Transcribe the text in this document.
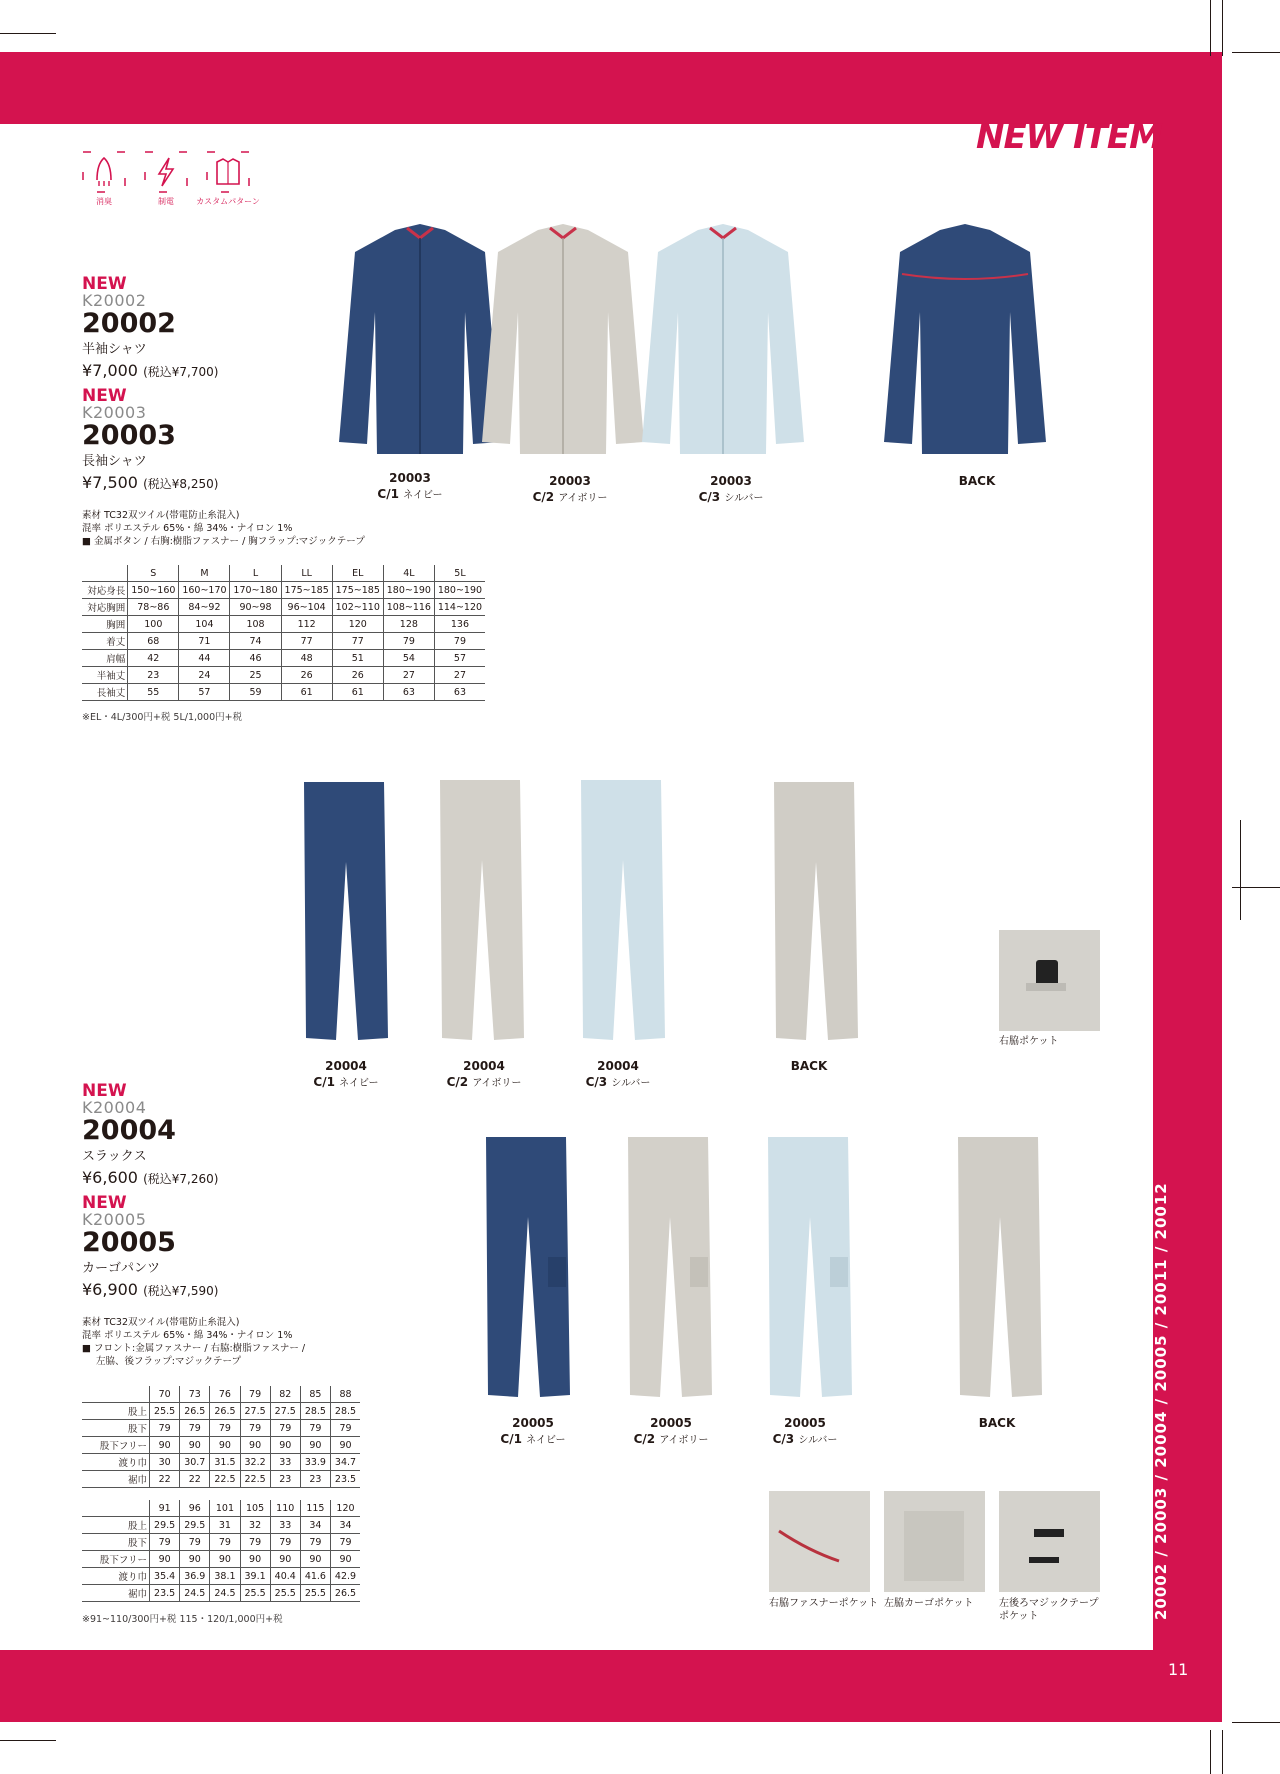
NEW ITEM
20002 / 20003 / 20004 / 20005 / 20011 / 20012
11
消臭	制電	カスタムパターン
NEW
K20002
20002
半袖シャツ
¥7,000 (税込¥7,700)
NEW
K20003
20003
長袖シャツ
¥7,500 (税込¥8,250)
素材 TC32双ツイル(帯電防止糸混入)
混率 ポリエステル 65%・綿 34%・ナイロン 1%
■ 金属ボタン / 右胸:樹脂ファスナー / 胸フラップ:マジックテープ
	S	M	L	LL	EL	4L	5L
対応身長	150~160	160~170	170~180	175~185	175~185	180~190	180~190
対応胸囲	78~86	84~92	90~98	96~104	102~110	108~116	114~120
胸囲	100	104	108	112	120	128	136
着丈	68	71	74	77	77	79	79
肩幅	42	44	46	48	51	54	57
半袖丈	23	24	25	26	26	27	27
長袖丈	55	57	59	61	61	63	63
※EL・4L/300円+税 5L/1,000円+税
20003
C/1 ネイビー
20003
C/2 アイボリー
20003
C/3 シルバー
BACK
右脇ポケット
20004
C/1 ネイビー
20004
C/2 アイボリー
20004
C/3 シルバー
BACK
NEW
K20004
20004
スラックス
¥6,600 (税込¥7,260)
NEW
K20005
20005
カーゴパンツ
¥6,900 (税込¥7,590)
素材 TC32双ツイル(帯電防止糸混入)
混率 ポリエステル 65%・綿 34%・ナイロン 1%
■ フロント:金属ファスナー / 右脇:樹脂ファスナー /
左脇、後フラップ:マジックテープ
	70	73	76	79	82	85	88
股上	25.5	26.5	26.5	27.5	27.5	28.5	28.5
股下	79	79	79	79	79	79	79
股下フリー	90	90	90	90	90	90	90
渡り巾	30	30.7	31.5	32.2	33	33.9	34.7
裾巾	22	22	22.5	22.5	23	23	23.5
	91	96	101	105	110	115	120
股上	29.5	29.5	31	32	33	34	34
股下	79	79	79	79	79	79	79
股下フリー	90	90	90	90	90	90	90
渡り巾	35.4	36.9	38.1	39.1	40.4	41.6	42.9
裾巾	23.5	24.5	24.5	25.5	25.5	25.5	26.5
※91~110/300円+税 115・120/1,000円+税
20005
C/1 ネイビー
20005
C/2 アイボリー
20005
C/3 シルバー
BACK
右脇ファスナーポケット 左脇カーゴポケット	左後ろマジックテープ
ポケット
